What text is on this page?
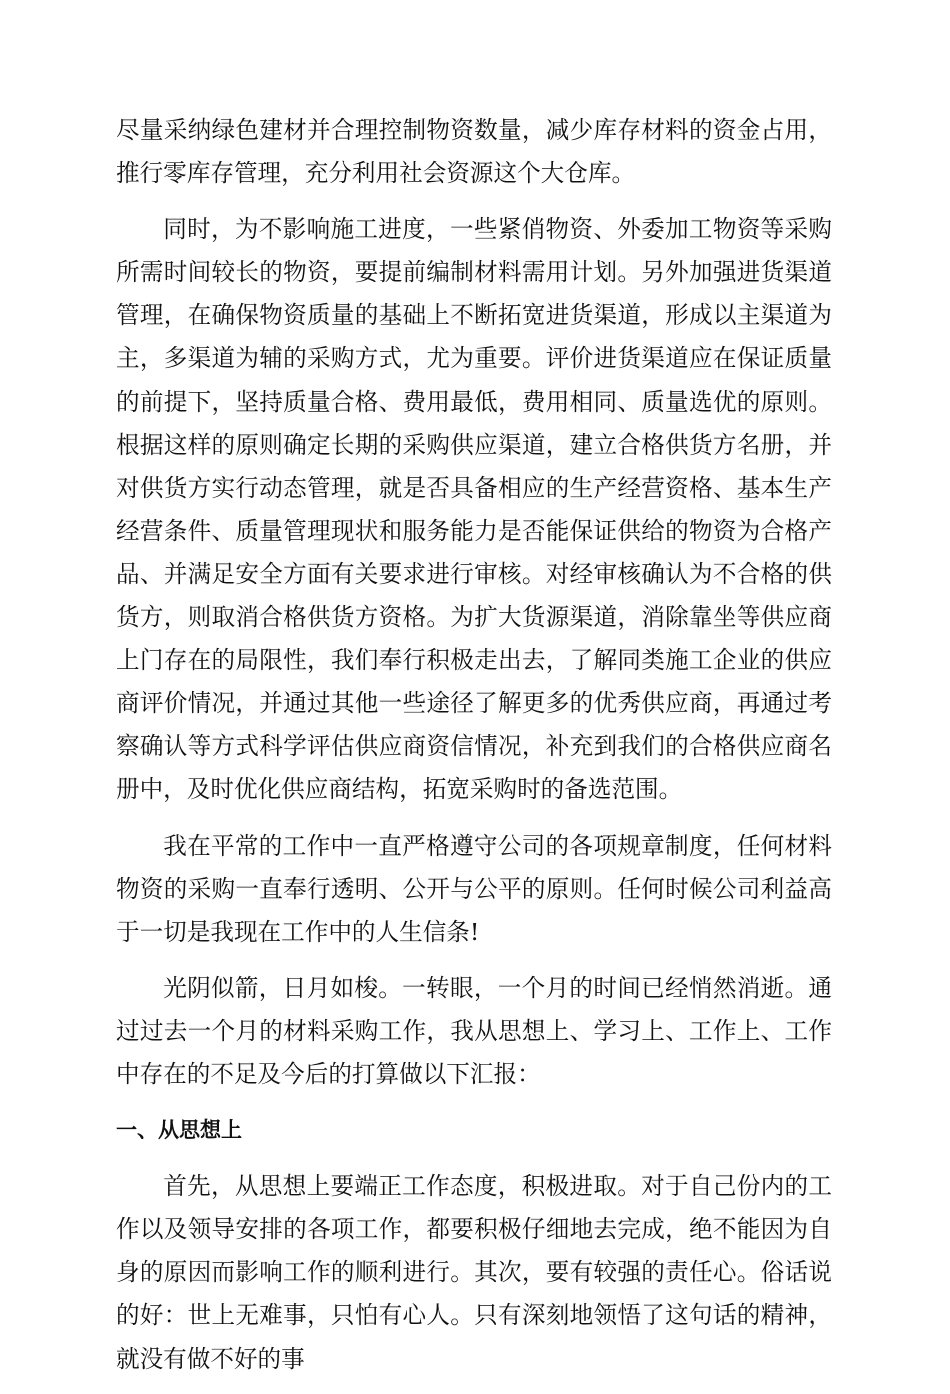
尽量采纳绿色建材并合理控制物资数量，减少库存材料的资金占用，推行零库存管理，充分利用社会资源这个大仓库。

同时，为不影响施工进度，一些紧俏物资、外委加工物资等采购所需时间较长的物资，要提前编制材料需用计划。另外加强进货渠道管理，在确保物资质量的基础上不断拓宽进货渠道，形成以主渠道为主，多渠道为辅的采购方式，尤为重要。评价进货渠道应在保证质量的前提下，坚持质量合格、费用最低，费用相同、质量选优的原则。根据这样的原则确定长期的采购供应渠道，建立合格供货方名册，并对供货方实行动态管理，就是否具备相应的生产经营资格、基本生产经营条件、质量管理现状和服务能力是否能保证供给的物资为合格产品、并满足安全方面有关要求进行审核。对经审核确认为不合格的供货方，则取消合格供货方资格。为扩大货源渠道，消除靠坐等供应商上门存在的局限性，我们奉行积极走出去，了解同类施工企业的供应商评价情况，并通过其他一些途径了解更多的优秀供应商，再通过考察确认等方式科学评估供应商资信情况，补充到我们的合格供应商名册中，及时优化供应商结构，拓宽采购时的备选范围。

我在平常的工作中一直严格遵守公司的各项规章制度，任何材料物资的采购一直奉行透明、公开与公平的原则。任何时候公司利益高于一切是我现在工作中的人生信条!

光阴似箭，日月如梭。一转眼，一个月的时间已经悄然消逝。通过过去一个月的材料采购工作，我从思想上、学习上、工作上、工作中存在的不足及今后的打算做以下汇报：

一、从思想上

首先，从思想上要端正工作态度，积极进取。对于自己份内的工作以及领导安排的各项工作，都要积极仔细地去完成，绝不能因为自身的原因而影响工作的顺利进行。其次，要有较强的责任心。俗话说的好：世上无难事，只怕有心人。只有深刻地领悟了这句话的精神，就没有做不好的事
